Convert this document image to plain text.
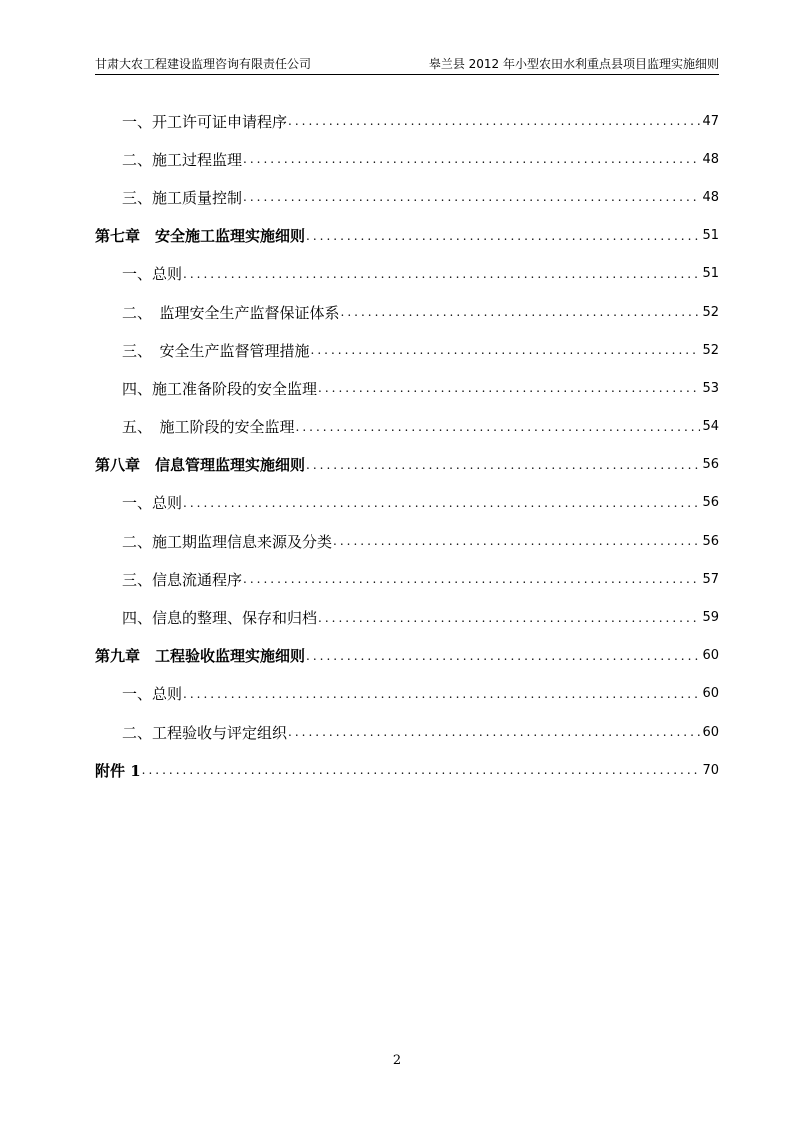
甘肃大农工程建设监理咨询有限责任公司	皋兰县 2012 年小型农田水利重点县项目监理实施细则
一、开工许可证申请程序 .....	47
二、施工过程监理 .....	48
三、施工质量控制 .....	48
第七章　安全施工监理实施细则 .....	51
一、总则 .....	51
二、　监理安全生产监督保证体系 .....	52
三、　安全生产监督管理措施 .....	52
四、施工准备阶段的安全监理 .....	53
五、　施工阶段的安全监理 .....	54
第八章　信息管理监理实施细则 .....	56
一、总则 .....	56
二、施工期监理信息来源及分类 .....	56
三、信息流通程序 .....	57
四、信息的整理、保存和归档 .....	59
第九章　工程验收监理实施细则 .....	60
一、总则 .....	60
二、工程验收与评定组织 .....	60
附件 1 .....	70
2
